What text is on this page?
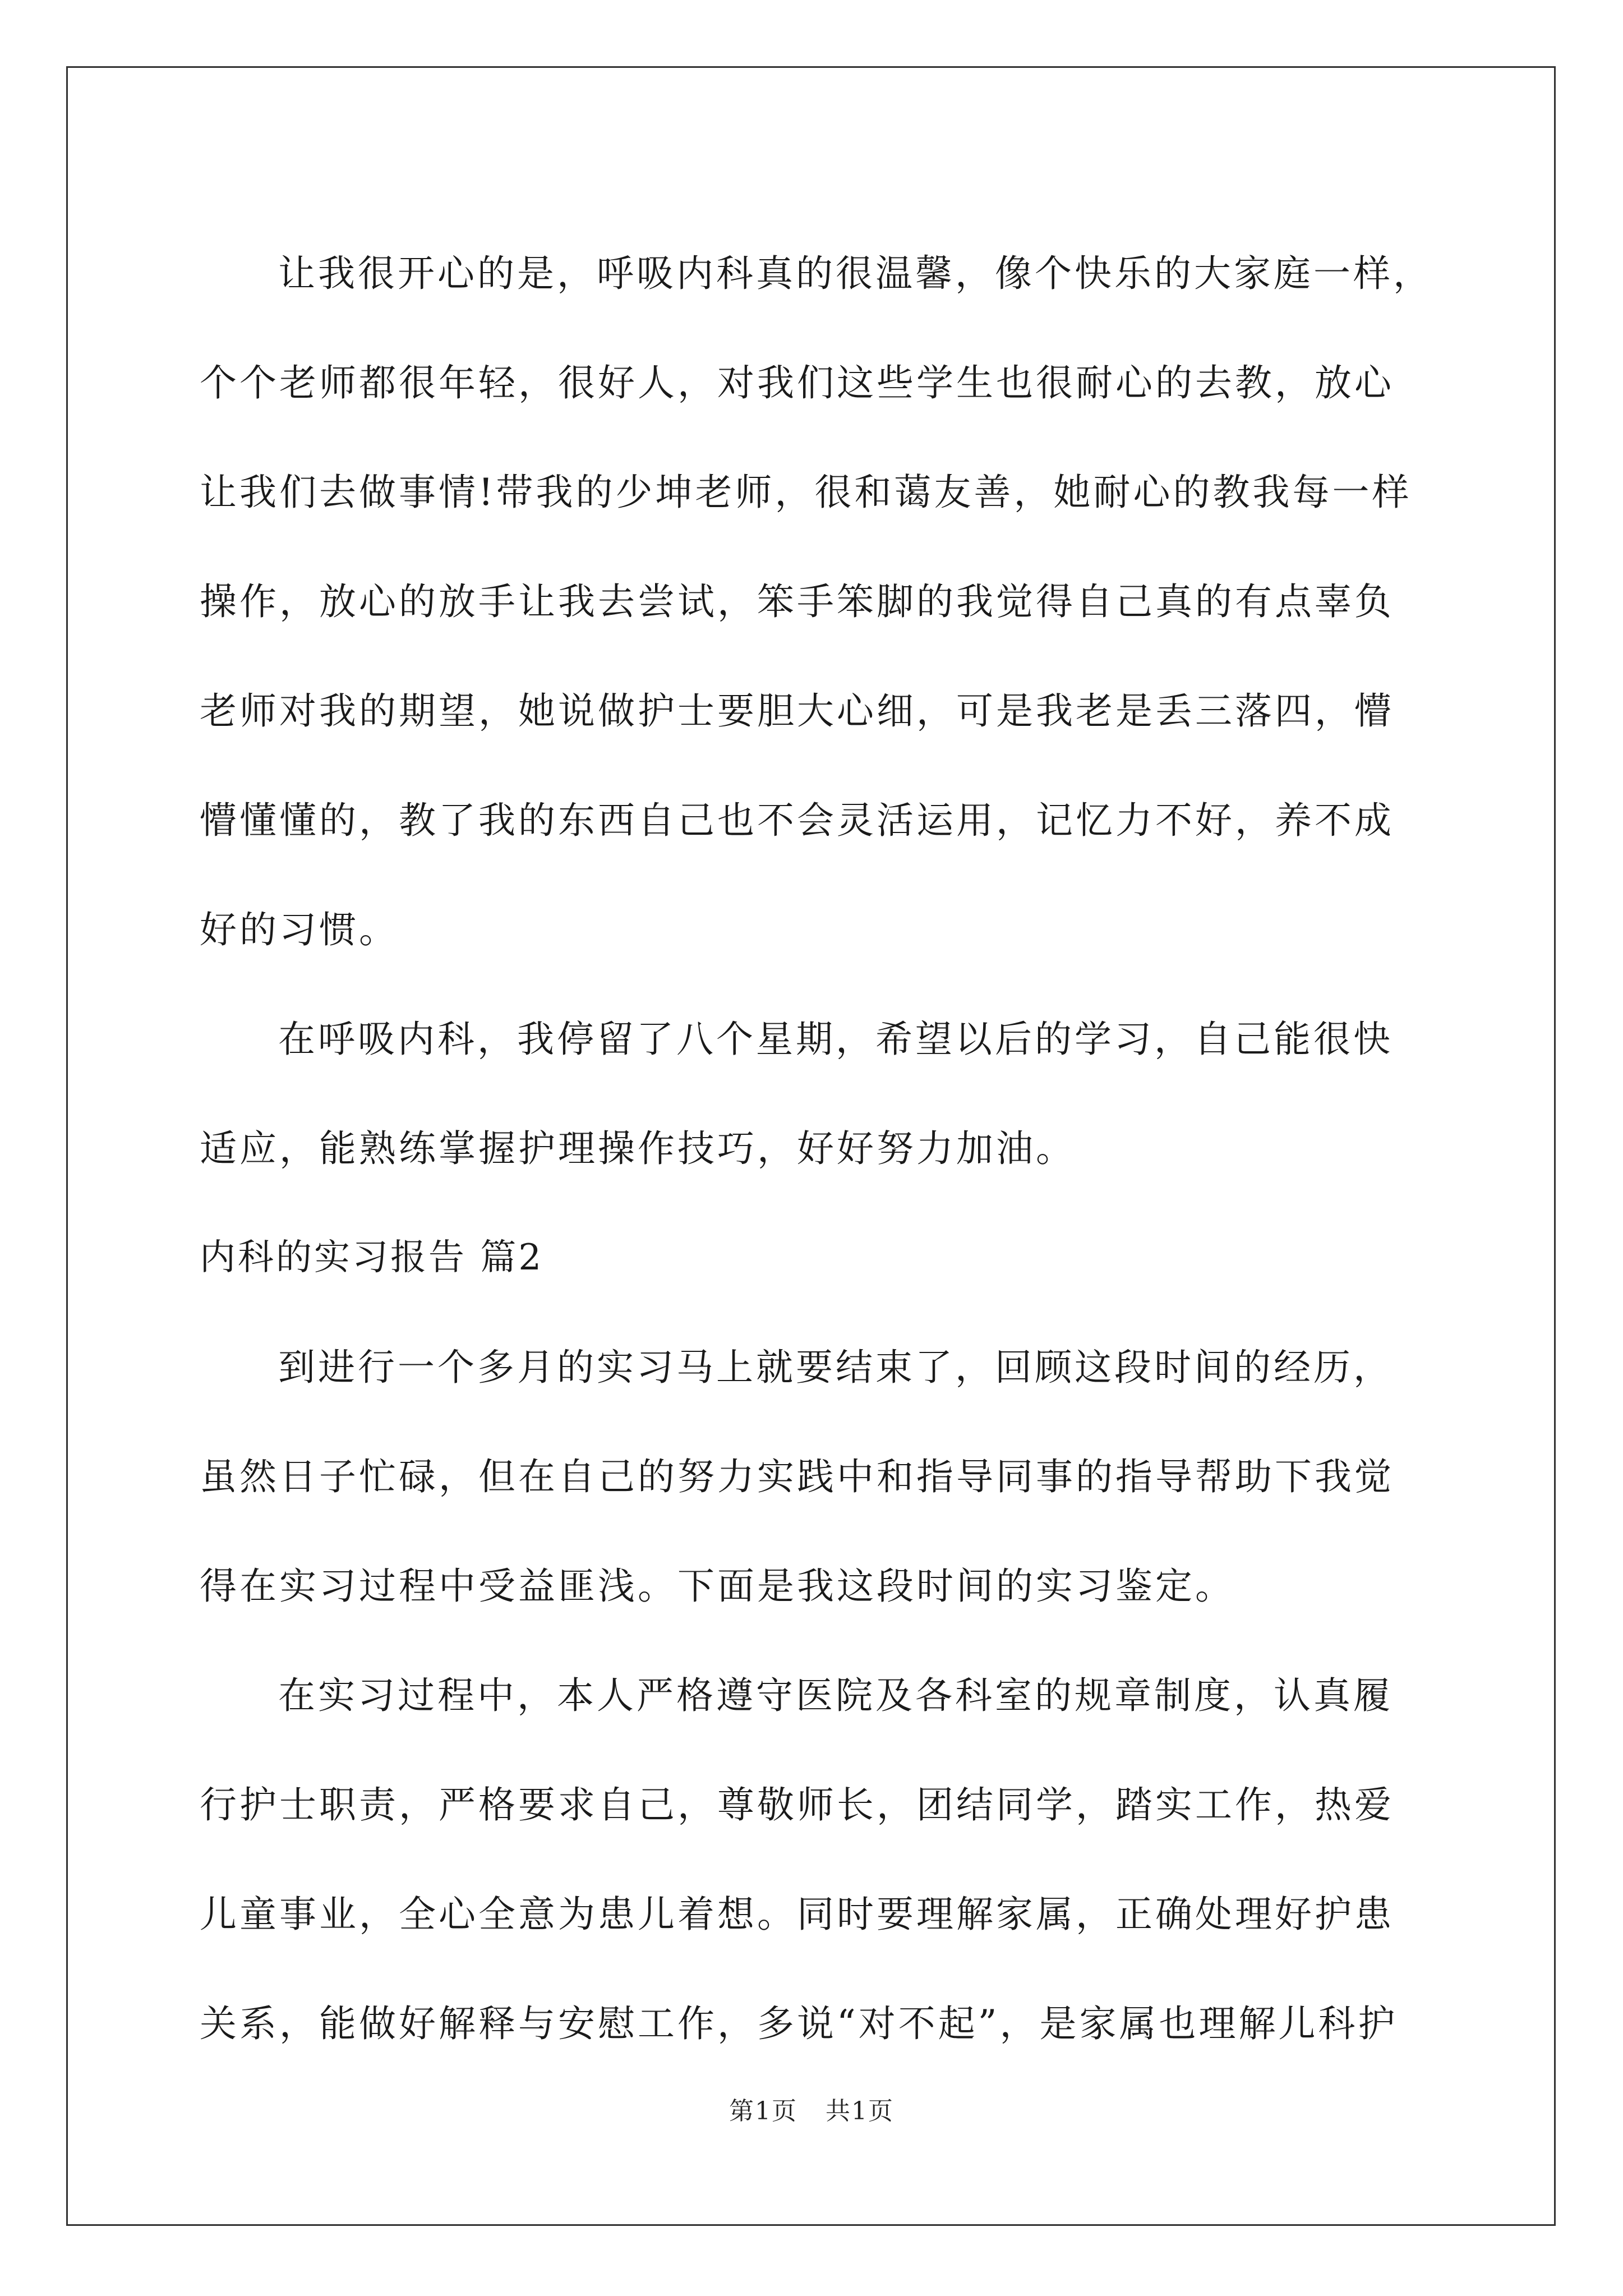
让我很开心的是，呼吸内科真的很温馨，像个快乐的大家庭一样，
个个老师都很年轻，很好人，对我们这些学生也很耐心的去教，放心
让我们去做事情!带我的少坤老师，很和蔼友善，她耐心的教我每一样
操作，放心的放手让我去尝试，笨手笨脚的我觉得自己真的有点辜负
老师对我的期望，她说做护士要胆大心细，可是我老是丢三落四，懵
懵懂懂的，教了我的东西自己也不会灵活运用，记忆力不好，养不成
好的习惯。
在呼吸内科，我停留了八个星期，希望以后的学习，自己能很快
适应，能熟练掌握护理操作技巧，好好努力加油。
内科的实习报告 篇2
到进行一个多月的实习马上就要结束了，回顾这段时间的经历，
虽然日子忙碌，但在自己的努力实践中和指导同事的指导帮助下我觉
得在实习过程中受益匪浅。下面是我这段时间的实习鉴定。
在实习过程中，本人严格遵守医院及各科室的规章制度，认真履
行护士职责，严格要求自己，尊敬师长，团结同学，踏实工作，热爱
儿童事业，全心全意为患儿着想。同时要理解家属，正确处理好护患
关系，能做好解释与安慰工作，多说“对不起”，是家属也理解儿科护
第1页 共1页
